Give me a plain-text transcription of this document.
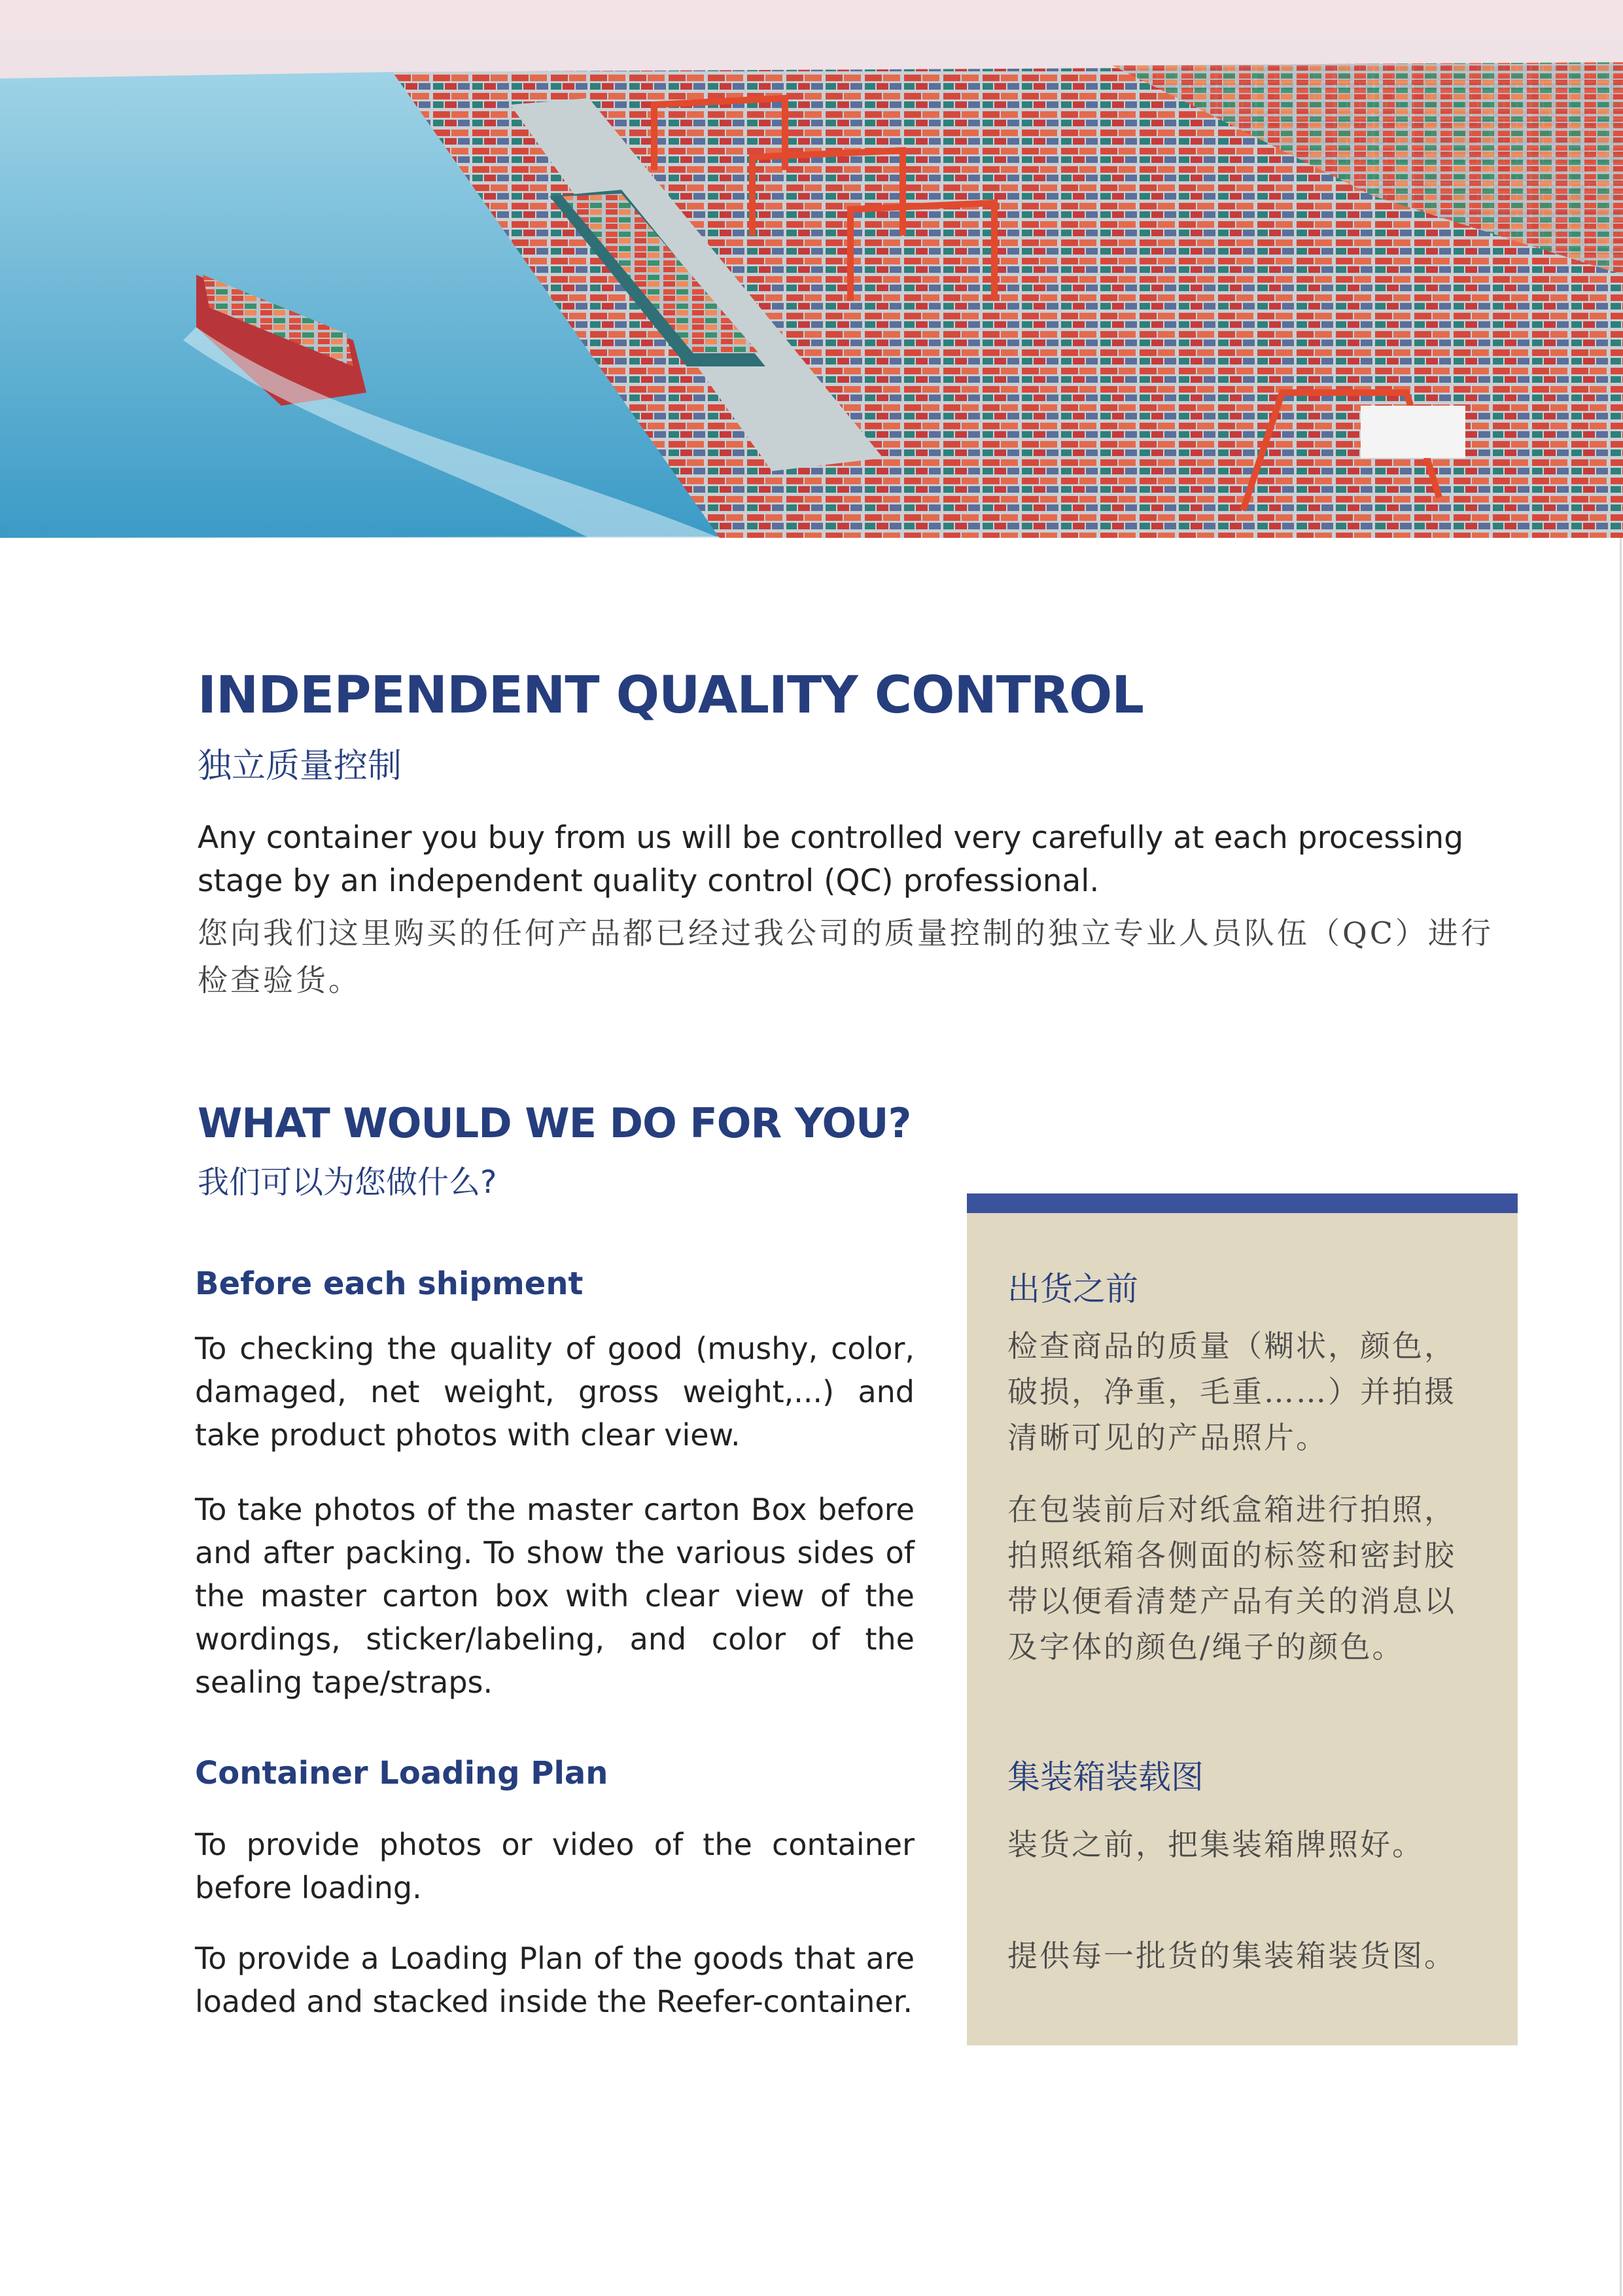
INDEPENDENT QUALITY CONTROL
独立质量控制

Any container you buy from us will be controlled very carefully at each processing stage by an independent quality control (QC) professional.

您向我们这里购买的任何产品都已经过我公司的质量控制的独立专业人员队伍（QC）进行检查验货。

WHAT WOULD WE DO FOR YOU?
我们可以为您做什么?
Before each shipment

To checking the quality of good (mushy, color, damaged, net weight, gross weight,...) and take product photos with clear view.

To take photos of the master carton Box before and after packing. To show the various sides of the master carton box with clear view of the wordings, sticker/labeling, and color of the sealing tape/straps.

Container Loading Plan

To provide photos or video of the container before loading.

To provide a Loading Plan of the goods that are loaded and stacked inside the Reefer-container.

出货之前

检查商品的质量（糊状，颜色，破损，净重，毛重……）并拍摄清晰可见的产品照片。

在包装前后对纸盒箱进行拍照，拍照纸箱各侧面的标签和密封胶带以便看清楚产品有关的消息以及字体的颜色/绳子的颜色。

集装箱装载图

装货之前，把集装箱牌照好。

提供每一批货的集装箱装货图。
